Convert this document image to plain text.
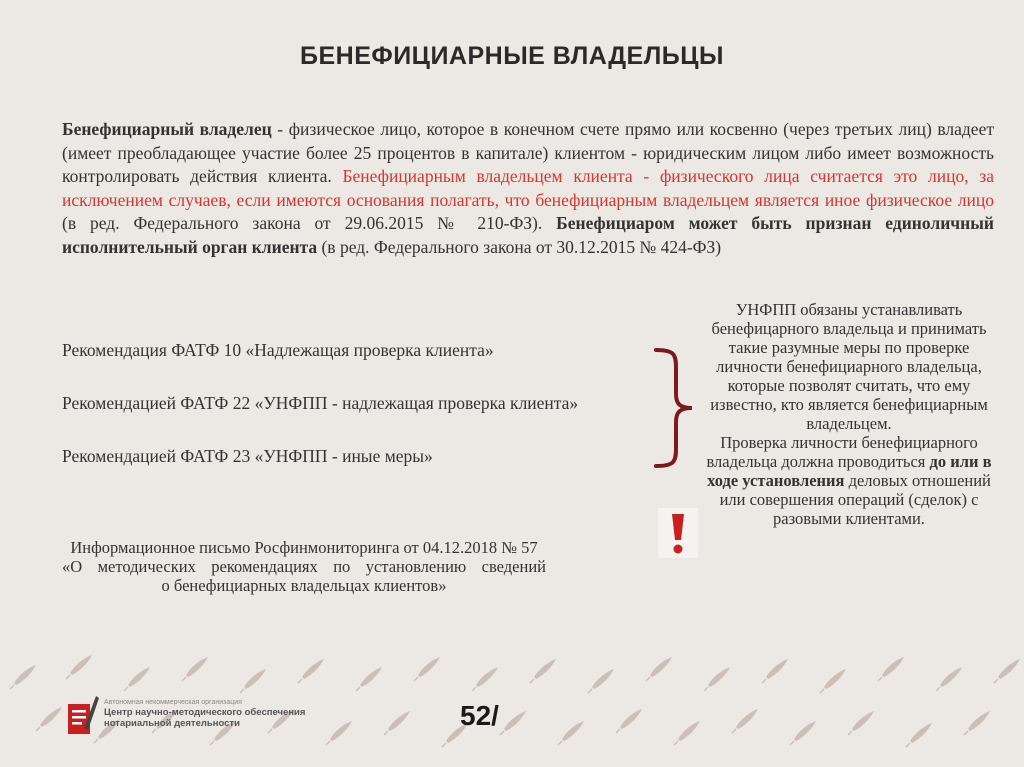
БЕНЕФИЦИАРНЫЕ ВЛАДЕЛЬЦЫ
Бенефициарный владелец - физическое лицо, которое в конечном счете прямо или косвенно (через третьих лиц) владеет (имеет преобладающее участие более 25 процентов в капитале) клиентом - юридическим лицом либо имеет возможность контролировать действия клиента. Бенефициарным владельцем клиента - физического лица считается это лицо, за исключением случаев, если имеются основания полагать, что бенефициарным владельцем является иное физическое лицо (в ред. Федерального закона от 29.06.2015 № 210-ФЗ). Бенефициаром может быть признан единоличный исполнительный орган клиента (в ред. Федерального закона от 30.12.2015 № 424-ФЗ)
Рекомендация ФАТФ 10 «Надлежащая проверка клиента»
Рекомендацией ФАТФ 22 «УНФПП - надлежащая проверка клиента»
Рекомендацией ФАТФ 23 «УНФПП - иные меры»
Информационное письмо Росфинмониторинга от 04.12.2018 № 57
«О методических рекомендациях по установлению сведений
о бенефициарных владельцах клиентов»
УНФПП обязаны устанавливать бенефицарного владельца и принимать такие разумные меры по проверке личности бенефициарного владельца, которые позволят считать, что ему известно, кто является бенефициарным владельцем.
Проверка личности бенефициарного владельца должна проводиться до или в ходе установления деловых отношений или совершения операций (сделок) с разовыми клиентами.
Автономная некоммерческая организация
Центр научно-методического обеспечения
нотариальной деятельности	52/
